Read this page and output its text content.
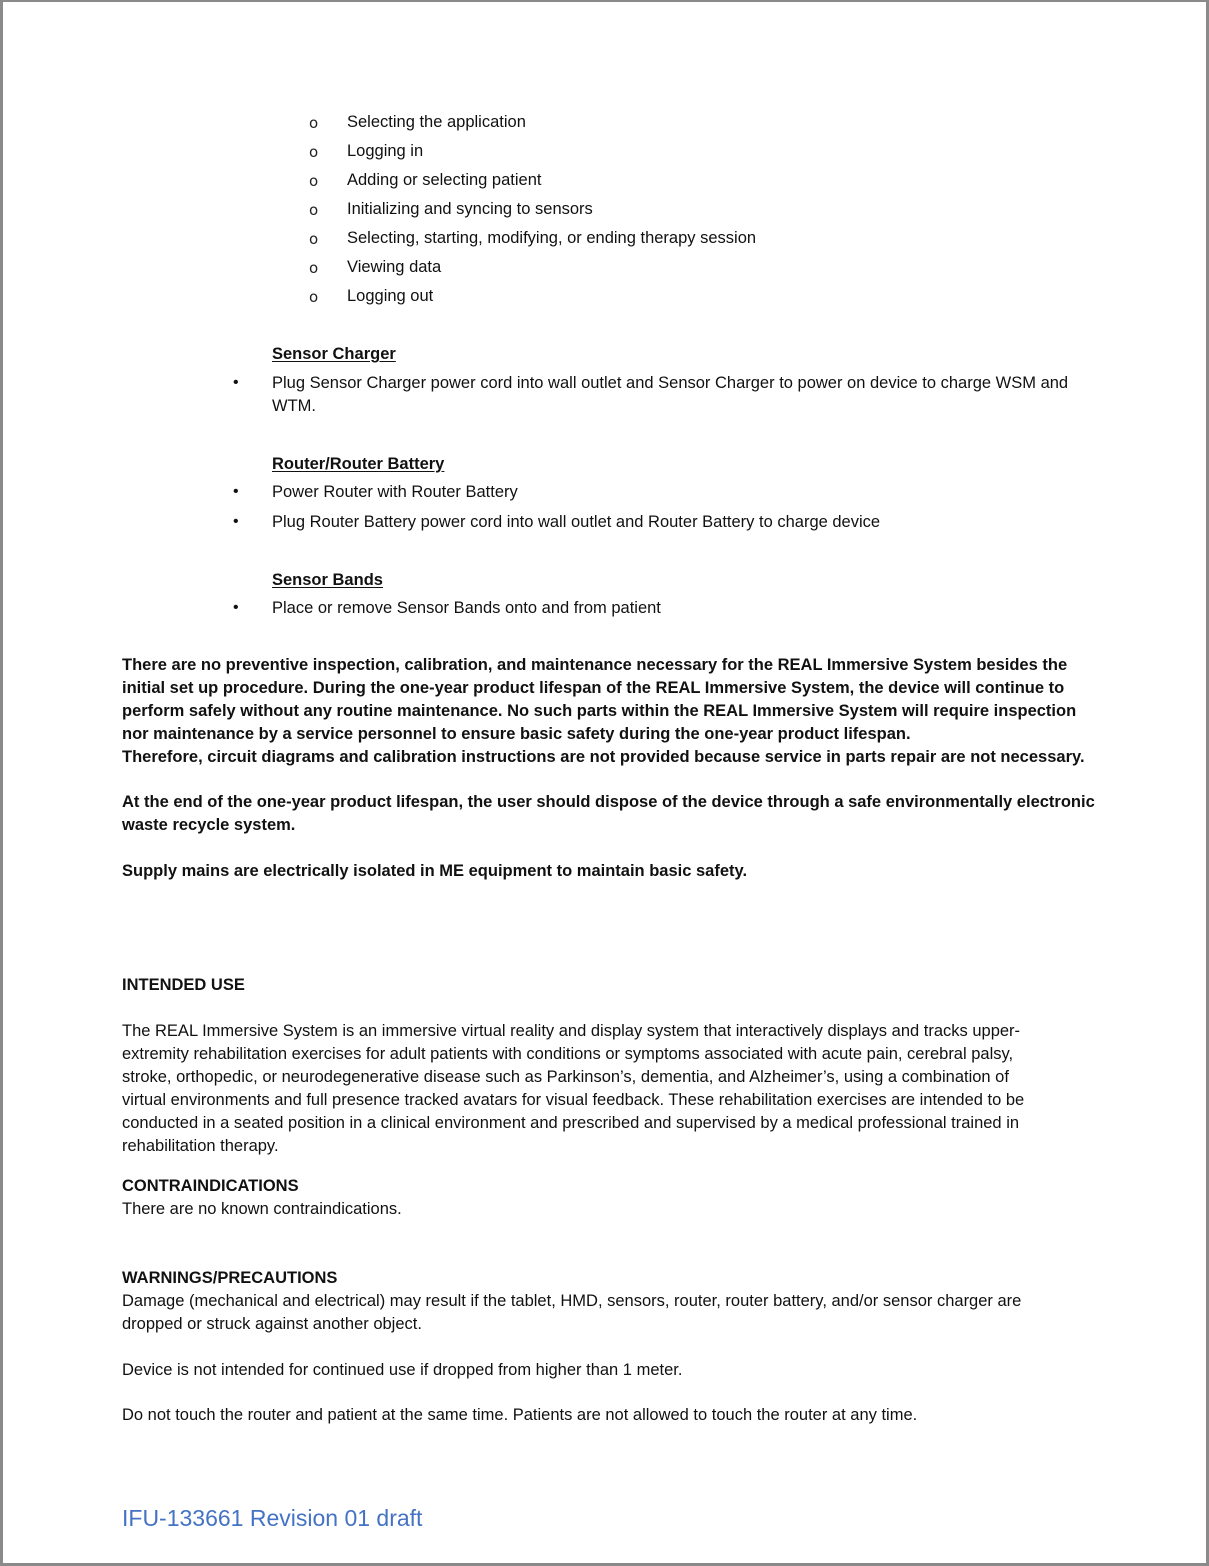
o Selecting the application
o Logging in
o Adding or selecting patient
o Initializing and syncing to sensors
o Selecting, starting, modifying, or ending therapy session
o Viewing data
o Logging out
Sensor Charger
• Plug Sensor Charger power cord into wall outlet and Sensor Charger to power on device to charge WSM and
WTM.
Router/Router Battery
• Power Router with Router Battery
• Plug Router Battery power cord into wall outlet and Router Battery to charge device
Sensor Bands
• Place or remove Sensor Bands onto and from patient
There are no preventive inspection, calibration, and maintenance necessary for the REAL Immersive System besides the
initial set up procedure. During the one-year product lifespan of the REAL Immersive System, the device will continue to
perform safely without any routine maintenance. No such parts within the REAL Immersive System will require inspection
nor maintenance by a service personnel to ensure basic safety during the one-year product lifespan.
Therefore, circuit diagrams and calibration instructions are not provided because service in parts repair are not necessary.
At the end of the one-year product lifespan, the user should dispose of the device through a safe environmentally electronic
waste recycle system.
Supply mains are electrically isolated in ME equipment to maintain basic safety.
INTENDED USE
The REAL Immersive System is an immersive virtual reality and display system that interactively displays and tracks upper-
extremity rehabilitation exercises for adult patients with conditions or symptoms associated with acute pain, cerebral palsy,
stroke, orthopedic, or neurodegenerative disease such as Parkinson’s, dementia, and Alzheimer’s, using a combination of
virtual environments and full presence tracked avatars for visual feedback. These rehabilitation exercises are intended to be
conducted in a seated position in a clinical environment and prescribed and supervised by a medical professional trained in
rehabilitation therapy.
CONTRAINDICATIONS
There are no known contraindications.
WARNINGS/PRECAUTIONS
Damage (mechanical and electrical) may result if the tablet, HMD, sensors, router, router battery, and/or sensor charger are
dropped or struck against another object.
Device is not intended for continued use if dropped from higher than 1 meter.
Do not touch the router and patient at the same time. Patients are not allowed to touch the router at any time.
IFU-133661 Revision 01 draft
